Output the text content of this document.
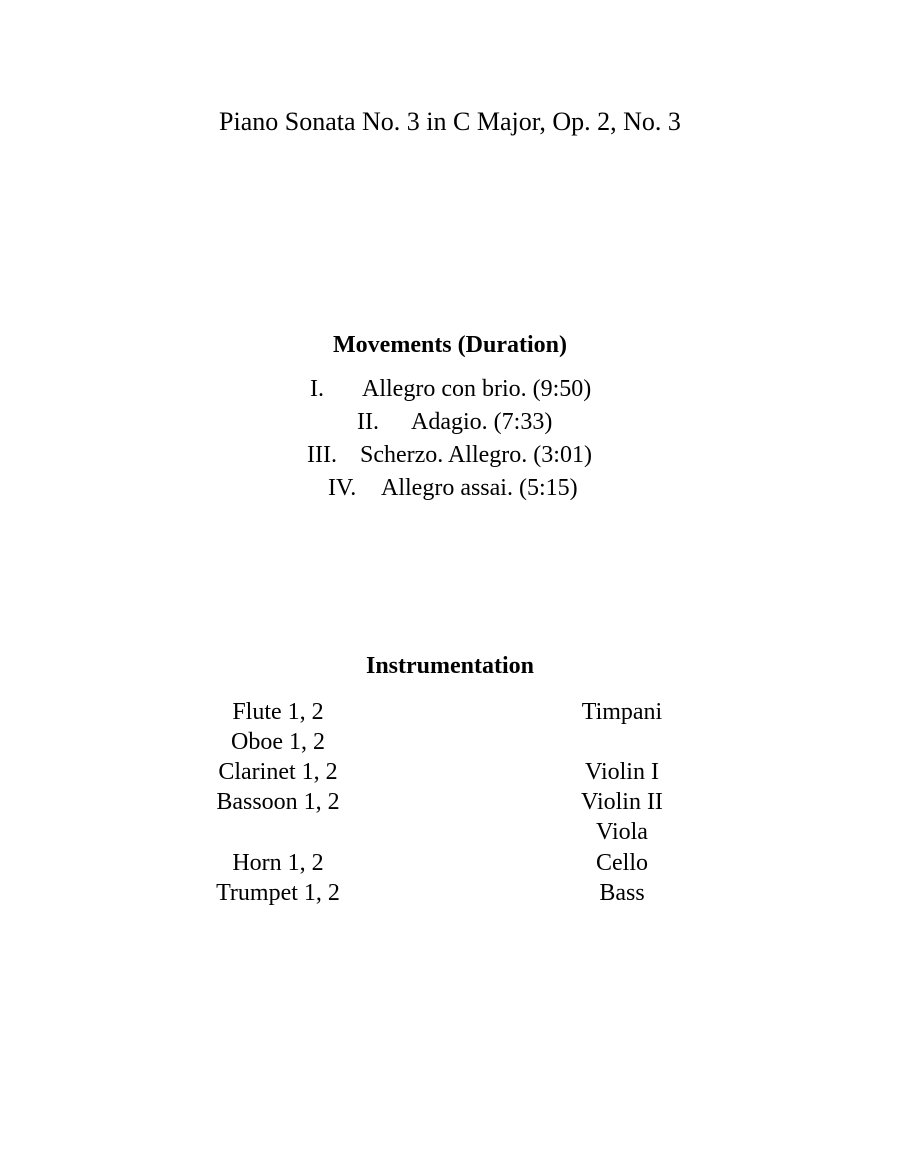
Piano Sonata No. 3 in C Major, Op. 2, No. 3
Movements (Duration)
I. Allegro con brio. (9:50)
II. Adagio. (7:33)
III. Scherzo. Allegro. (3:01)
IV. Allegro assai. (5:15)
Instrumentation
Flute 1, 2
Oboe 1, 2
Clarinet 1, 2
Bassoon 1, 2
Horn 1, 2
Trumpet 1, 2
Timpani
Violin I
Violin II
Viola
Cello
Bass
